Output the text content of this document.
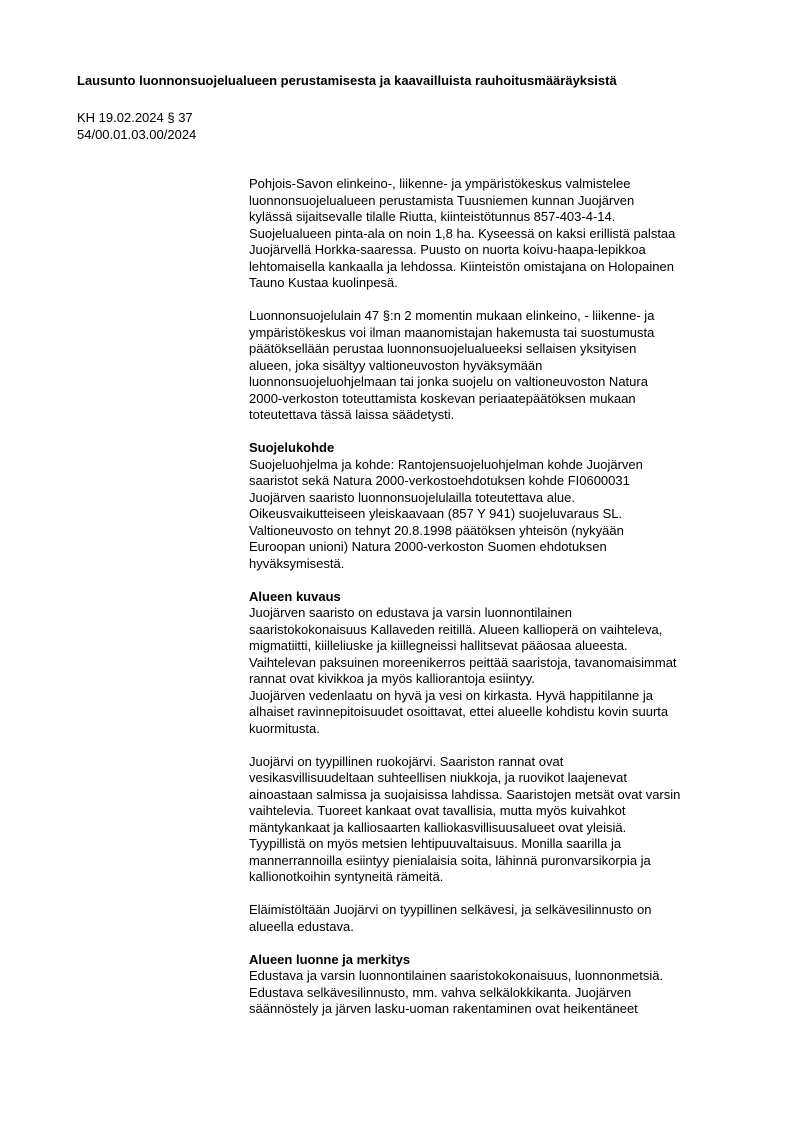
Lausunto luonnonsuojelualueen perustamisesta ja kaavailluista rauhoitusmääräyksistä
KH 19.02.2024 § 37
54/00.01.03.00/2024
Pohjois-Savon elinkeino-, liikenne- ja ympäristökeskus valmistelee
luonnonsuojelualueen perustamista Tuusniemen kunnan Juojärven
kylässä sijaitsevalle tilalle Riutta, kiinteistötunnus 857-403-4-14.
Suojelualueen pinta-ala on noin 1,8 ha. Kyseessä on kaksi erillistä palstaa
Juojärvellä Horkka-saaressa. Puusto on nuorta koivu-haapa-lepikkoa
lehtomaisella kankaalla ja lehdossa. Kiinteistön omistajana on Holopainen
Tauno Kustaa kuolinpesä.
Luonnonsuojelulain 47 §:n 2 momentin mukaan elinkeino, - liikenne- ja
ympäristökeskus voi ilman maanomistajan hakemusta tai suostumusta
päätöksellään perustaa luonnonsuojelualueeksi sellaisen yksityisen
alueen, joka sisältyy valtioneuvoston hyväksymään
luonnonsuojeluohjelmaan tai jonka suojelu on valtioneuvoston Natura
2000-verkoston toteuttamista koskevan periaatepäätöksen mukaan
toteutettava tässä laissa säädetysti.
Suojelukohde
Suojeluohjelma ja kohde: Rantojensuojeluohjelman kohde Juojärven
saaristot sekä Natura 2000-verkostoehdotuksen kohde FI0600031
Juojärven saaristo luonnonsuojelulailla toteutettava alue.
Oikeusvaikutteiseen yleiskaavaan (857 Y 941) suojeluvaraus SL.
Valtioneuvosto on tehnyt 20.8.1998 päätöksen yhteisön (nykyään
Euroopan unioni) Natura 2000-verkoston Suomen ehdotuksen
hyväksymisestä.
Alueen kuvaus
Juojärven saaristo on edustava ja varsin luonnontilainen
saaristokokonaisuus Kallaveden reitillä. Alueen kallioperä on vaihteleva,
migmatiitti, kiilleliuske ja kiillegneissi hallitsevat pääosaa alueesta.
Vaihtelevan paksuinen moreenikerros peittää saaristoja, tavanomaisimmat
rannat ovat kivikkoa ja myös kalliorantoja esiintyy.
Juojärven vedenlaatu on hyvä ja vesi on kirkasta. Hyvä happitilanne ja
alhaiset ravinnepitoisuudet osoittavat, ettei alueelle kohdistu kovin suurta
kuormitusta.
Juojärvi on tyypillinen ruokojärvi. Saariston rannat ovat
vesikasvillisuudeltaan suhteellisen niukkoja, ja ruovikot laajenevat
ainoastaan salmissa ja suojaisissa lahdissa. Saaristojen metsät ovat varsin
vaihtelevia. Tuoreet kankaat ovat tavallisia, mutta myös kuivahkot
mäntykankaat ja kalliosaarten kalliokasvillisuusalueet ovat yleisiä.
Tyypillistä on myös metsien lehtipuuvaltaisuus. Monilla saarilla ja
mannerrannoilla esiintyy pienialaisia soita, lähinnä puronvarsikorpia ja
kallionotkoihin syntyneitä rämeitä.
Eläimistöltään Juojärvi on tyypillinen selkävesi, ja selkävesilinnusto on
alueella edustava.
Alueen luonne ja merkitys
Edustava ja varsin luonnontilainen saaristokokonaisuus, luonnonmetsiä.
Edustava selkävesilinnusto, mm. vahva selkälokkikanta. Juojärven
säännöstely ja järven lasku-uoman rakentaminen ovat heikentäneet
